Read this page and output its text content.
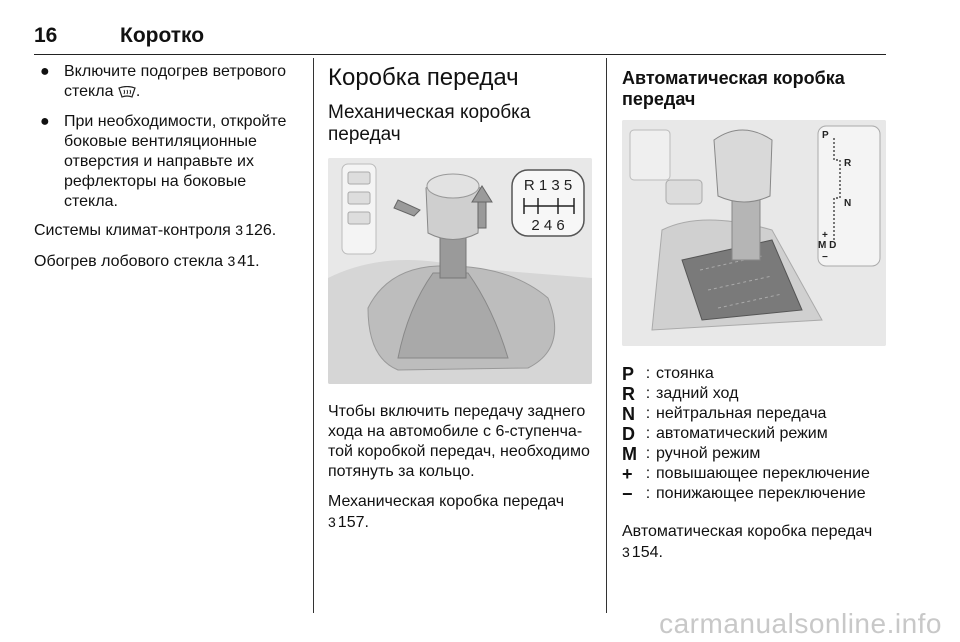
16	Коротко
● Включите подогрев ветрового стекла .
● При необходимости, откройте боковые вентиляционные отверстия и направьте их рефлекторы на боковые стекла.

Системы климат-контроля 3 126.

Обогрев лобового стекла 3 41.

Коробка передач
Механическая коробка передач
R 1 3 5
2 4 6

Чтобы включить передачу заднего хода на автомобиле с 6-ступенча-той коробкой передач, необходимо потянуть за кольцо.

Механическая коробка передач
3 157.

Автоматическая коробка передач
P
R
N
+
M D
−
P : стоянка
R : задний ход
N : нейтральная передача
D : автоматический режим
M : ручной режим
+ : повышающее переключение
− : понижающее переключение

Автоматическая коробка передач
3 154.

carmanualsonline.info
